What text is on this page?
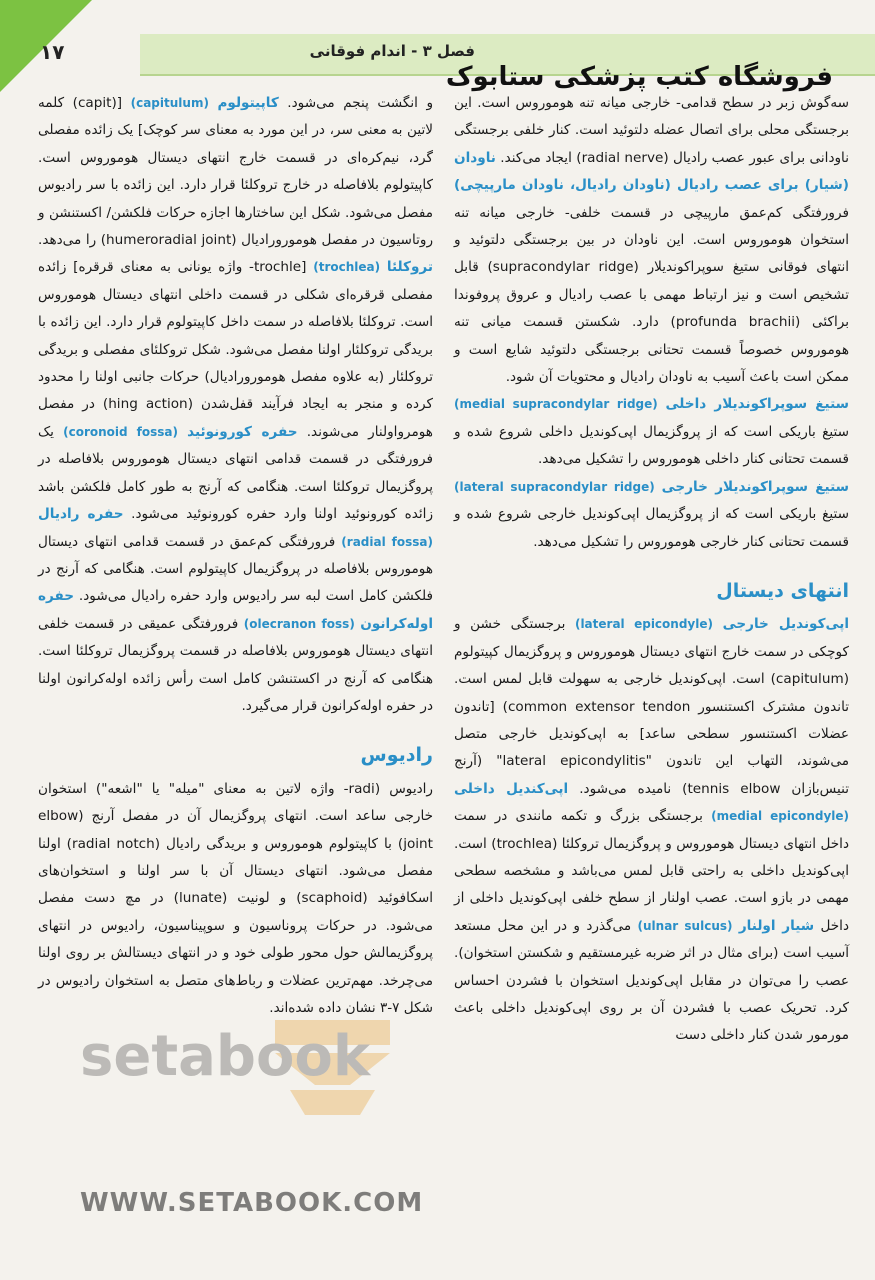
فصل ۳ - اندام فوقانی
۱۷
فروشگاه کتب پزشکی ستابوک

سه‌گوش زبر در سطح قدامی- خارجی میانه تنه هوموروس است. این برجستگی محلی برای اتصال عضله دلتوئید است. کنار خلفی برجستگی ناودانی برای عبور عصب رادیال (radial nerve) ایجاد می‌کند. ناودان (شیار) برای عصب رادیال (ناودان رادیال، ناودان مارپیچی) فرورفتگی کم‌عمق مارپیچی در قسمت خلفی- خارجی میانه تنه استخوان هوموروس است. این ناودان در بین برجستگی دلتوئید و انتهای فوقانی ستیغ سوپراکوندیلار (supracondylar ridge) قابل تشخیص است و نیز ارتباط مهمی با عصب رادیال و عروق پروفوندا براکئی (profunda brachii) دارد. شکستن قسمت میانی تنه هوموروس خصوصاً قسمت تحتانی برجستگی دلتوئید شایع است و ممکن است باعث آسیب به ناودان رادیال و محتویات آن شود.

ستیغ سوپراکوندیلار داخلی (medial supracondylar ridge) ستیغ باریکی است که از پروگزیمال اپی‌کوندیل داخلی شروع شده و قسمت تحتانی کنار داخلی هوموروس را تشکیل می‌دهد.

ستیغ سوپراکوندیلار خارجی (lateral supracondylar ridge) ستیغ باریکی است که از پروگزیمال اپی‌کوندیل خارجی شروع شده و قسمت تحتانی کنار خارجی هوموروس را تشکیل می‌دهد.

انتهای دیستال

اپی‌کوندیل خارجی (lateral epicondyle) برجستگی خشن و کوچکی در سمت خارج انتهای دیستال هوموروس و پروگزیمال کپیتولوم (capitulum) است. اپی‌کوندیل خارجی به سهولت قابل لمس است. تاندون مشترک اکستنسور common extensor tendon) [تاندون عضلات اکستنسور سطحی ساعد] به اپی‌کوندیل خارجی متصل می‌شوند، التهاب این تاندون "lateral epicondylitis" (آرنج تنیس‌بازان tennis elbow) نامیده می‌شود. اپی‌کندیل داخلی (medial epicondyle) برجستگی بزرگ و تکمه مانندی در سمت داخل انتهای دیستال هوموروس و پروگزیمال تروکلئا (trochlea) است. اپی‌کوندیل داخلی به راحتی قابل لمس می‌باشد و مشخصه سطحی مهمی در بازو است. عصب اولنار از سطح خلفی اپی‌کوندیل داخلی از داخل شیار اولنار (ulnar sulcus) می‌گذرد و در این محل مستعد آسیب است (برای مثال در اثر ضربه غیرمستقیم و شکستن استخوان). عصب را می‌توان در مقابل اپی‌کوندیل استخوان با فشردن احساس کرد. تحریک عصب با فشردن آن بر روی اپی‌کوندیل داخلی باعث مورمور شدن کنار داخلی دست

و انگشت پنجم می‌شود. کاپیتولوم (capitulum) [(capit) کلمه لاتین به معنی سر، در این مورد به معنای سر کوچک] یک زائده مفصلی گرد، نیم‌کره‌ای در قسمت خارج انتهای دیستال هوموروس است. کاپیتولوم بلافاصله در خارج تروکلئا قرار دارد. این زائده با سر رادیوس مفصل می‌شود. شکل این ساختارها اجازه حرکات فلکشن/ اکستنشن و روتاسیون در مفصل هومورورادیال (humeroradial joint) را می‌دهد. تروکلئا (trochlea) [trochle- واژه یونانی به معنای قرقره] زائده مفصلی قرقره‌ای شکلی در قسمت داخلی انتهای دیستال هوموروس است. تروکلئا بلافاصله در سمت داخل کاپیتولوم قرار دارد. این زائده با بریدگی تروکلئار اولنا مفصل می‌شود. شکل تروکلئای مفصلی و بریدگی تروکلئار (به علاوه مفصل هومورورادیال) حرکات جانبی اولنا را محدود کرده و منجر به ایجاد فرآیند قفل‌شدن (hing action) در مفصل هومرواولنار می‌شوند. حفره کورونوئید (coronoid fossa) یک فرورفتگی در قسمت قدامی انتهای دیستال هوموروس بلافاصله در پروگزیمال تروکلئا است. هنگامی که آرنج به طور کامل فلکشن باشد زائده کورونوئید اولنا وارد حفره کورونوئید می‌شود. حفره رادیال (radial fossa) فرورفتگی کم‌عمق در قسمت قدامی انتهای دیستال هوموروس بلافاصله در پروگزیمال کاپیتولوم است. هنگامی که آرنج در فلکشن کامل است لبه سر رادیوس وارد حفره رادیال می‌شود. حفره اوله‌کرانون (olecranon foss) فرورفتگی عمیقی در قسمت خلفی انتهای دیستال هوموروس بلافاصله در قسمت پروگزیمال تروکلئا است. هنگامی که آرنج در اکستنشن کامل است رأس زائده اوله‌کرانون اولنا در حفره اوله‌کرانون قرار می‌گیرد.

رادیوس

رادیوس (radi- واژه لاتین به معنای "میله" یا "اشعه") استخوان خارجی ساعد است. انتهای پروگزیمال آن در مفصل آرنج (elbow joint) با کاپیتولوم هوموروس و بریدگی رادیال (radial notch) اولنا مفصل می‌شود. انتهای دیستال آن با سر اولنا و استخوان‌های اسکافوئید (scaphoid) و لونیت (lunate) در مچ دست مفصل می‌شود. در حرکات پروناسیون و سوپیناسیون، رادیوس در انتهای پروگزیمالش حول محور طولی خود و در انتهای دیستالش بر روی اولنا می‌چرخد. مهم‌ترین عضلات و رباط‌های متصل به استخوان رادیوس در شکل ۷-۳ نشان داده شده‌اند.

setabook
WWW.SETABOOK.COM
